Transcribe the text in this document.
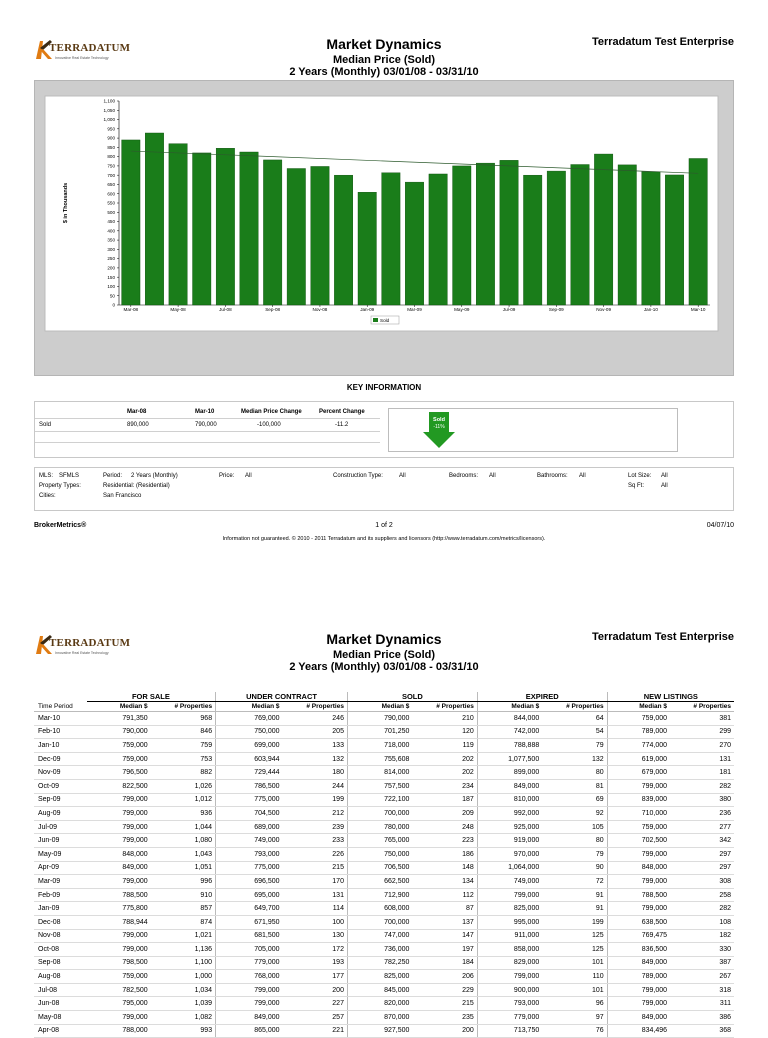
TERRADATUM
Innovative Real Estate Technology
Market Dynamics
Median Price (Sold)
2 Years (Monthly) 03/01/08 - 03/31/10
Terradatum Test Enterprise
0
50
100
150
200
250
300
350
400
450
500
550
600
650
700
750
800
850
900
950
1,000
1,050
1,100
$ in Thousands
Mar-08	May-08	Jul-08	Sep-08	Nov-08	Jan-09	Mar-09	May-09	Jul-09	Sep-09	Nov-09	Jan-10	Mar-10
Sold
KEY INFORMATION
Mar-08	Mar-10	Median Price Change	Percent Change
Sold	890,000	790,000	-100,000	-11.2
Sold
-11%
MLS: SFMLS	Period: 2 Years (Monthly)	Price: All	Construction Type:	All	Bedrooms: All	Bathrooms: All	Lot Size: All
Property Types:	Residential: (Residential)	Sq Ft:	All
Cities:	San Francisco
BrokerMetrics®	1 of 2	04/07/10
Information not guaranteed. © 2010 - 2011 Terradatum and its suppliers and licensors (http://www.terradatum.com/metrics/licensors).
TERRADATUM
Innovative Real Estate Technology
Market Dynamics
Median Price (Sold)
2 Years (Monthly) 03/01/08 - 03/31/10
Terradatum Test Enterprise
	FOR SALE		UNDER CONTRACT		SOLD		EXPIRED		NEW LISTINGS	
Time Period	Median $	# Properties	Median $	# Properties	Median $	# Properties	Median $	# Properties	Median $	# Properties
Mar-10	791,350	968	769,000	246	790,000	210	844,000	64	759,000	381
Feb-10	790,000	846	750,000	205	701,250	120	742,000	54	789,000	299
Jan-10	759,000	759	699,000	133	718,000	119	788,888	79	774,000	270
Dec-09	759,000	753	603,944	132	755,608	202	1,077,500	132	619,000	131
Nov-09	796,500	882	729,444	180	814,000	202	899,000	80	679,000	181
Oct-09	822,500	1,026	786,500	244	757,500	234	849,000	81	799,000	282
Sep-09	799,000	1,012	775,000	199	722,100	187	810,000	69	839,000	380
Aug-09	799,000	936	704,500	212	700,000	209	992,000	92	710,000	236
Jul-09	799,000	1,044	689,000	239	780,000	248	925,000	105	759,000	277
Jun-09	799,000	1,080	749,000	233	765,000	223	919,000	80	702,500	342
May-09	848,000	1,043	793,000	226	750,000	186	970,000	79	799,000	297
Apr-09	849,000	1,051	775,000	215	706,500	148	1,064,000	90	848,000	297
Mar-09	799,000	996	696,500	170	662,500	134	749,000	72	799,000	308
Feb-09	788,500	910	695,000	131	712,900	112	799,000	91	788,500	258
Jan-09	775,800	857	649,700	114	608,000	87	825,000	91	799,000	282
Dec-08	788,944	874	671,950	100	700,000	137	995,000	199	638,500	108
Nov-08	799,000	1,021	681,500	130	747,000	147	911,000	125	769,475	182
Oct-08	799,000	1,136	705,000	172	736,000	197	858,000	125	836,500	330
Sep-08	798,500	1,100	779,000	193	782,250	184	829,000	101	849,000	387
Aug-08	759,000	1,000	768,000	177	825,000	206	799,000	110	789,000	267
Jul-08	782,500	1,034	799,000	200	845,000	229	900,000	101	799,000	318
Jun-08	795,000	1,039	799,000	227	820,000	215	793,000	96	799,000	311
May-08	799,000	1,082	849,000	257	870,000	235	779,000	97	849,000	386
Apr-08	788,000	993	865,000	221	927,500	200	713,750	76	834,496	368
